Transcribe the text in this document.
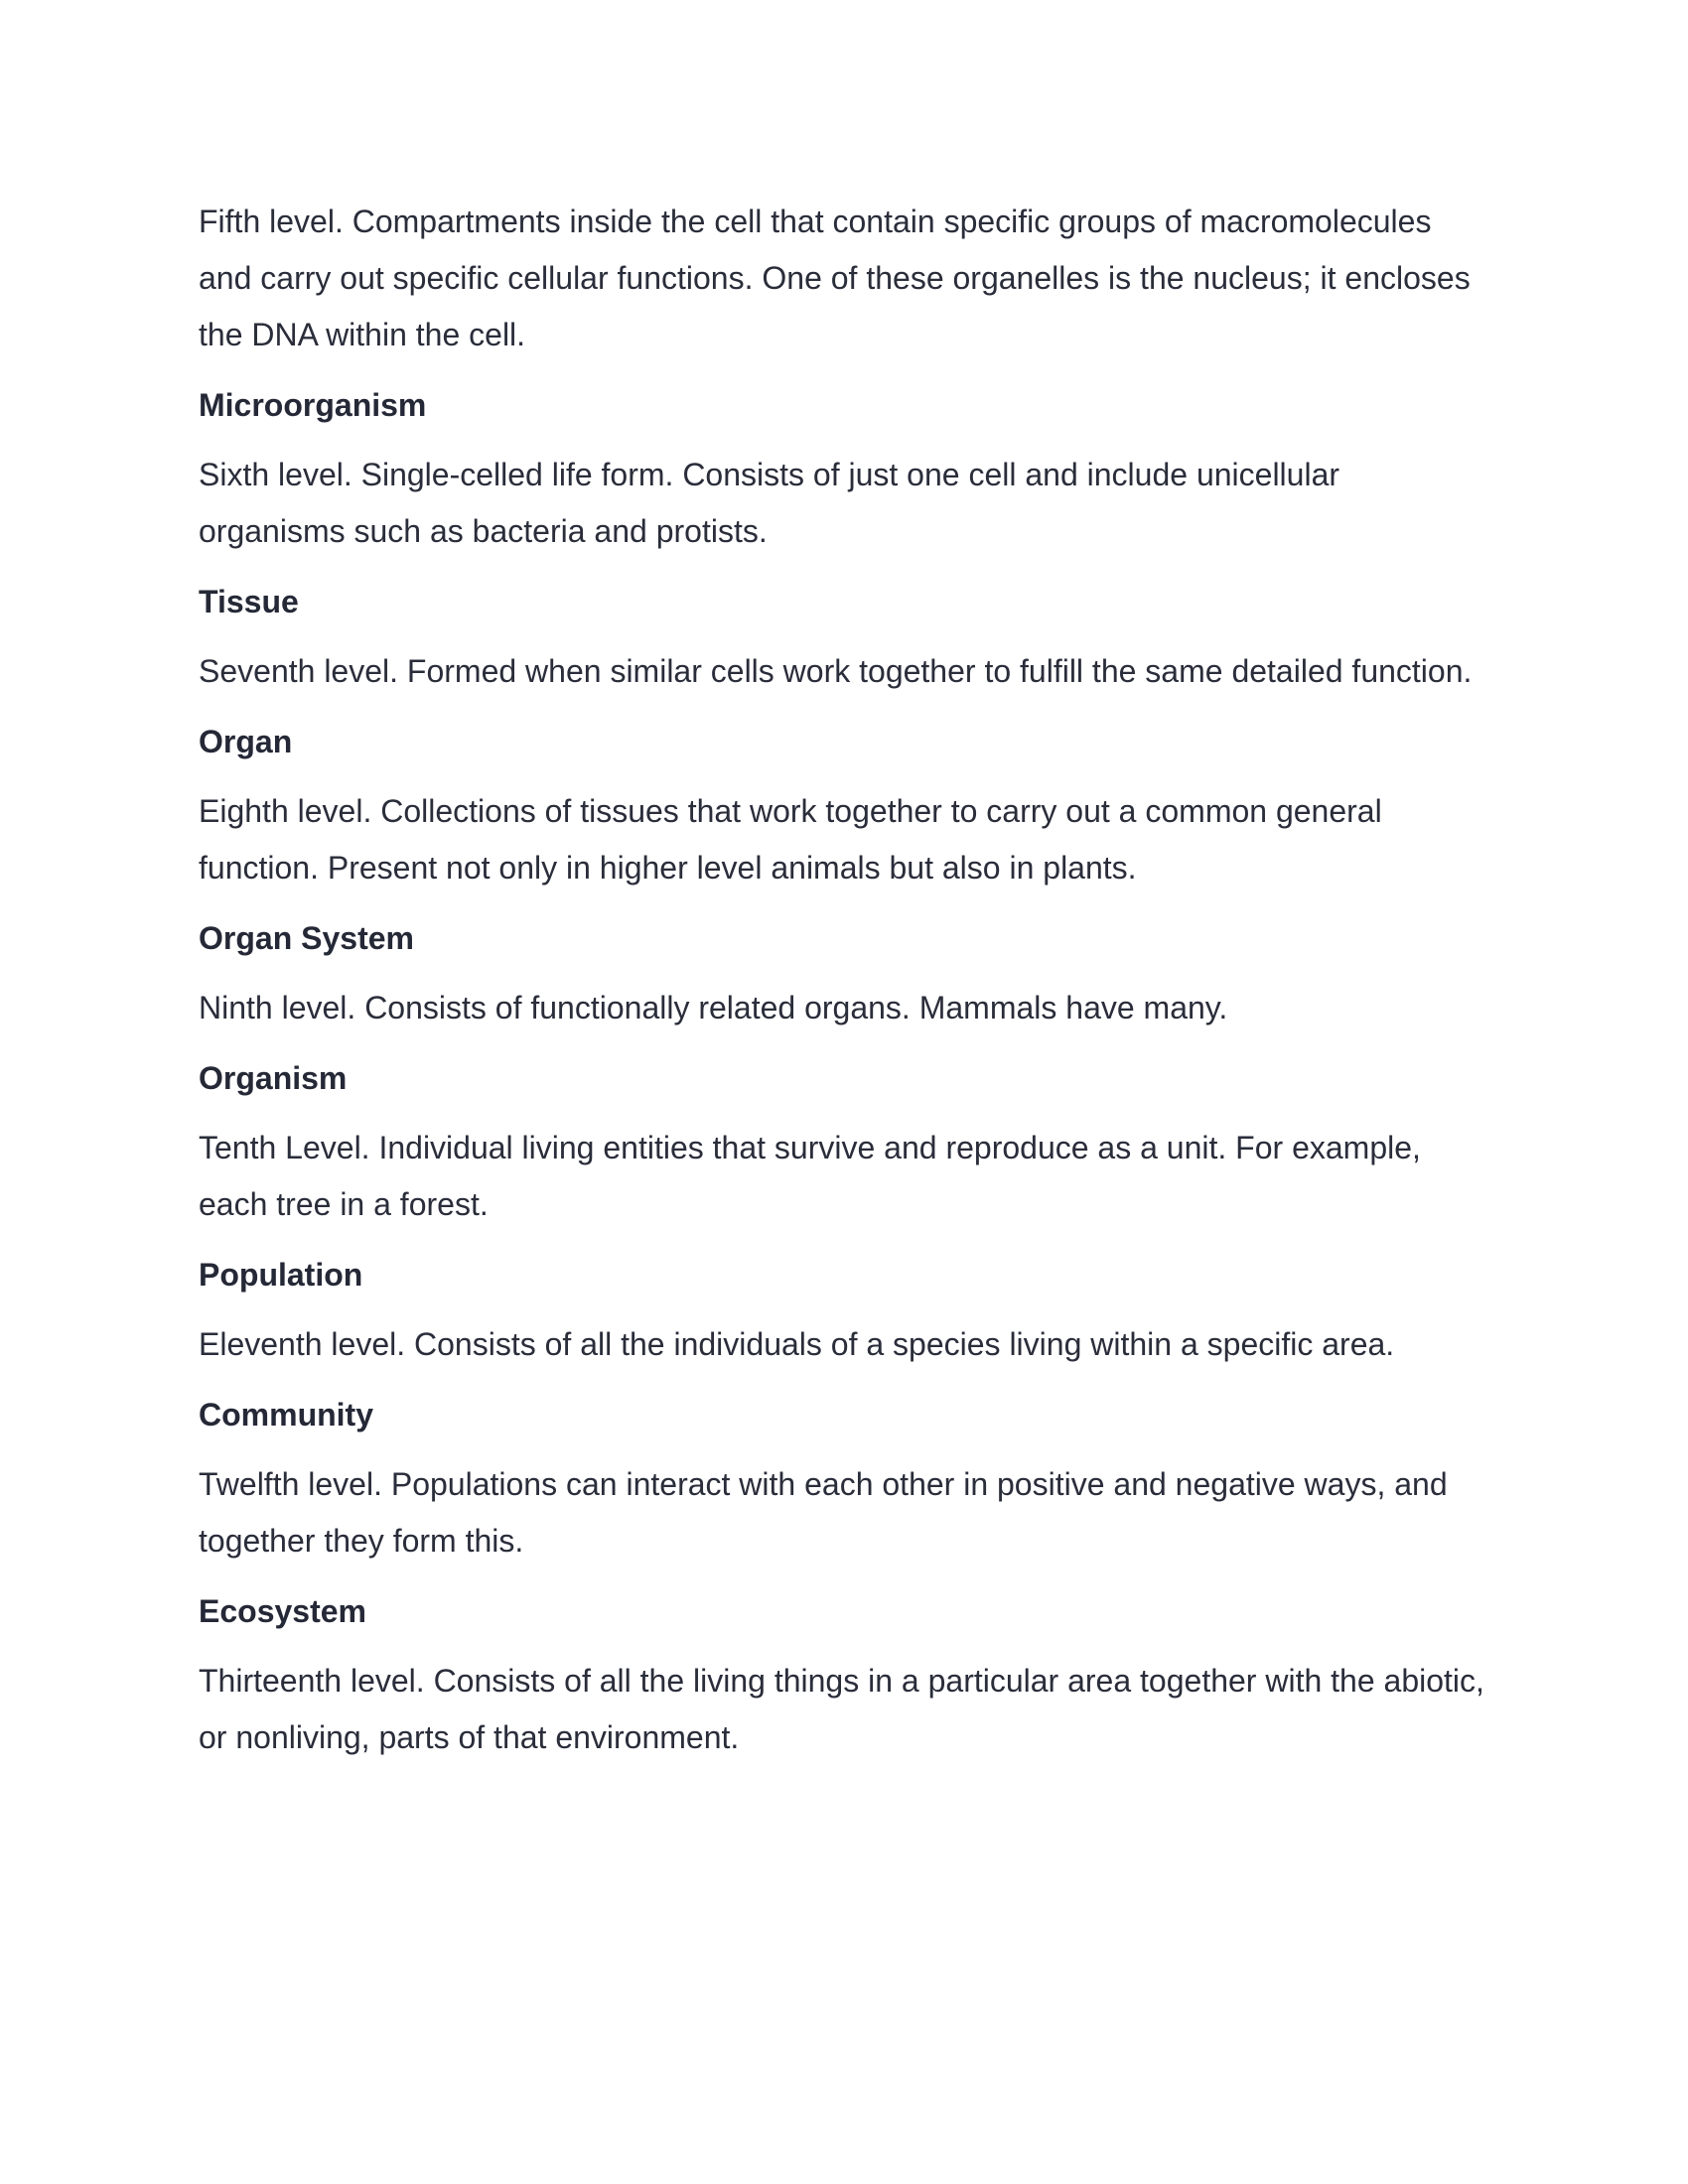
Fifth level. Compartments inside the cell that contain specific groups of macromolecules and carry out specific cellular functions. One of these organelles is the nucleus; it encloses the DNA within the cell.

Microorganism

Sixth level. Single-celled life form. Consists of just one cell and include unicellular organisms such as bacteria and protists.

Tissue

Seventh level. Formed when similar cells work together to fulfill the same detailed function.

Organ

Eighth level. Collections of tissues that work together to carry out a common general function. Present not only in higher level animals but also in plants.

Organ System

Ninth level. Consists of functionally related organs. Mammals have many.

Organism

Tenth Level. Individual living entities that survive and reproduce as a unit. For example, each tree in a forest.

Population

Eleventh level. Consists of all the individuals of a species living within a specific area.

Community

Twelfth level. Populations can interact with each other in positive and negative ways, and together they form this.

Ecosystem

Thirteenth level. Consists of all the living things in a particular area together with the abiotic, or nonliving, parts of that environment.
